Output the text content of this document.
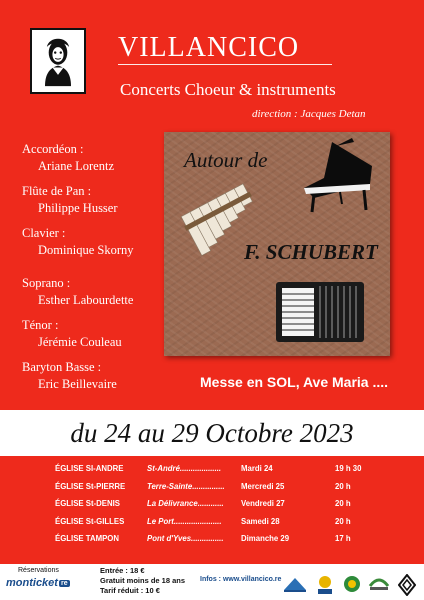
VILLANCICO
Concerts Choeur & instruments
direction : Jacques Detan
Accordéon :
Ariane Lorentz
Flûte de Pan :
Philippe Husser
Clavier :
Dominique Skorny
Soprano :
Esther Labourdette
Ténor :
Jérémie Couleau
Baryton Basse :
Eric Beillevaire
Autour de
F. SCHUBERT
Messe en SOL, Ave Maria ....
du 24 au 29 Octobre 2023
ÉGLISE SI-ANDRE	St-André...................	Mardi 24	19 h 30
ÉGLISE St-PIERRE	Terre-Sainte............... Mercredi 25	20 h
ÉGLISE St-DENIS	La Délivrance............ Vendredi 27	20 h
ÉGLISE St-GILLES	Le Port...................... Samedi 28	20 h
ÉGLISE TAMPON	Pont d'Yves............... Dimanche 29	17 h
Réservations
monticket re
Entrée : 18 €
Gratuit moins de 18 ans
Tarif réduit : 10 €
Infos : www.villancico.re
